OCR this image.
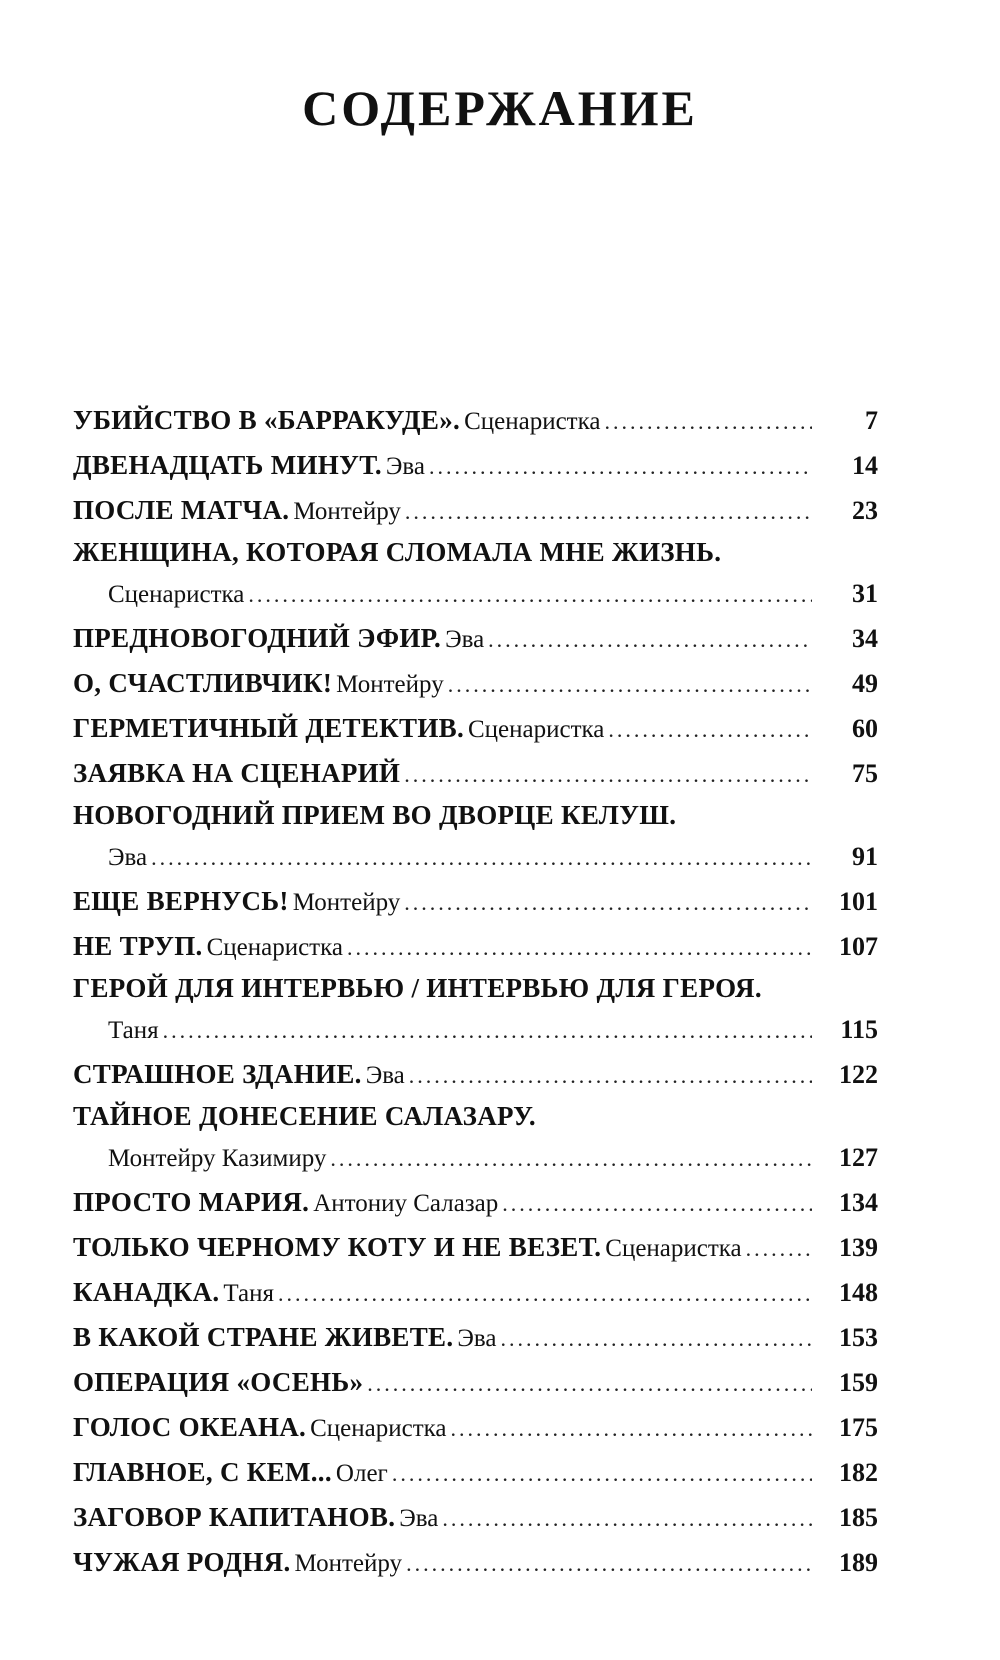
СОДЕРЖАНИЕ
УБИЙСТВО В «БАРРАКУДЕ».
Сценаристка .....	7
ДВЕНАДЦАТЬ МИНУТ.
Эва .....	14
ПОСЛЕ МАТЧА.
Монтейру .....	23
ЖЕНЩИНА, КОТОРАЯ СЛОМАЛА МНЕ ЖИЗНЬ.
Сценаристка .....	31
ПРЕДНОВОГОДНИЙ ЭФИР.
Эва .....	34
О, СЧАСТЛИВЧИК!
Монтейру .....	49
ГЕРМЕТИЧНЫЙ ДЕТЕКТИВ.
Сценаристка .....	60
ЗАЯВКА НА СЦЕНАРИЙ .....	75
НОВОГОДНИЙ ПРИЕМ ВО ДВОРЦЕ КЕЛУШ.
Эва .....	91
ЕЩЕ ВЕРНУСЬ!
Монтейру .....	101
НЕ ТРУП.
Сценаристка .....	107
ГЕРОЙ ДЛЯ ИНТЕРВЬЮ / ИНТЕРВЬЮ ДЛЯ ГЕРОЯ.
Таня .....	115
СТРАШНОЕ ЗДАНИЕ.
Эва .....	122
ТАЙНОЕ ДОНЕСЕНИЕ САЛАЗАРУ.
Монтейру Казимиру .....	127
ПРОСТО МАРИЯ.
Антониу Салазар .....	134
ТОЛЬКО ЧЕРНОМУ КОТУ И НЕ ВЕЗЕТ.
Сценаристка .....	139
КАНАДКА.
Таня .....	148
В КАКОЙ СТРАНЕ ЖИВЕТЕ.
Эва .....	153
ОПЕРАЦИЯ «ОСЕНЬ» .....	159
ГОЛОС ОКЕАНА.
Сценаристка .....	175
ГЛАВНОЕ, С КЕМ...
Олег .....	182
ЗАГОВОР КАПИТАНОВ.
Эва .....	185
ЧУЖАЯ РОДНЯ.
Монтейру .....	189
